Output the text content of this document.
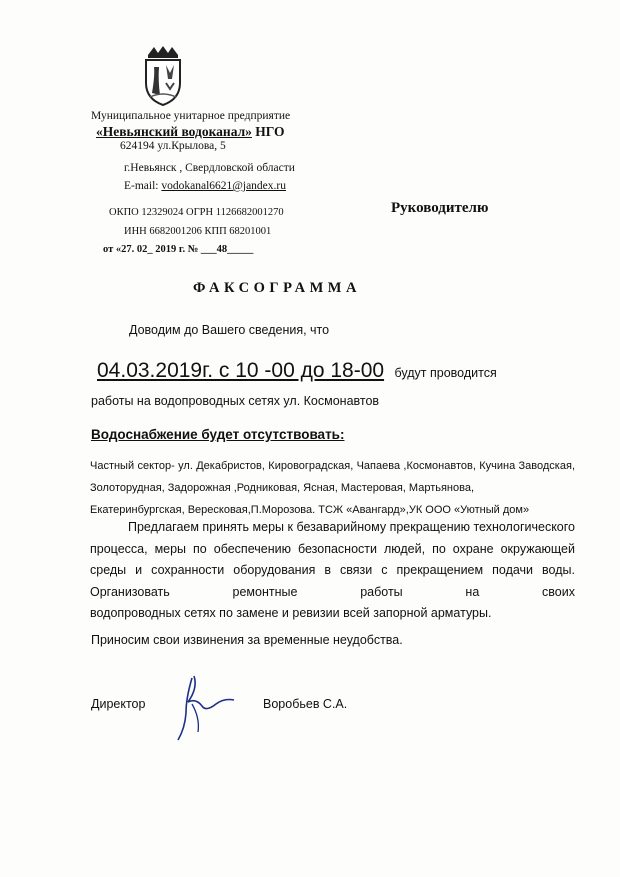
Муниципальное унитарное предприятие
«Невьянский водоканал» НГО
624194 ул.Крылова, 5
г.Невьянск , Свердловской области
E-mail: vodokanal6621@jandex.ru
ОКПО 12329024 ОГРН 1126682001270
ИНН 6682001206 КПП 68201001
от «27. 02_ 2019 г. № ___48_____
Руководителю
ФАКСОГРАММА
Доводим до Вашего сведения, что
04.03.2019г. с 10 -00 до 18-00 будут проводится
работы на водопроводных сетях ул. Космонавтов
Водоснабжение будет отсутствовать:
Частный сектор- ул. Декабристов, Кировоградская, Чапаева ,Космонавтов, Кучина Заводская, Золоторудная, Задорожная ,Родниковая, Ясная, Мастеровая, Мартьянова,
Екатеринбургская, Вересковая,П.Морозова. ТСЖ «Авангард»,УК ООО «Уютный дом»
Предлагаем принять меры к безаварийному прекращению технологического процесса, меры по обеспечению безопасности людей, по охране окружающей среды и сохранности оборудования в связи с прекращением подачи воды. Организовать ремонтные работы на своих
водопроводных сетях по замене и ревизии всей запорной арматуры.
Приносим свои извинения за временные неудобства.
Директор	Воробьев С.А.
